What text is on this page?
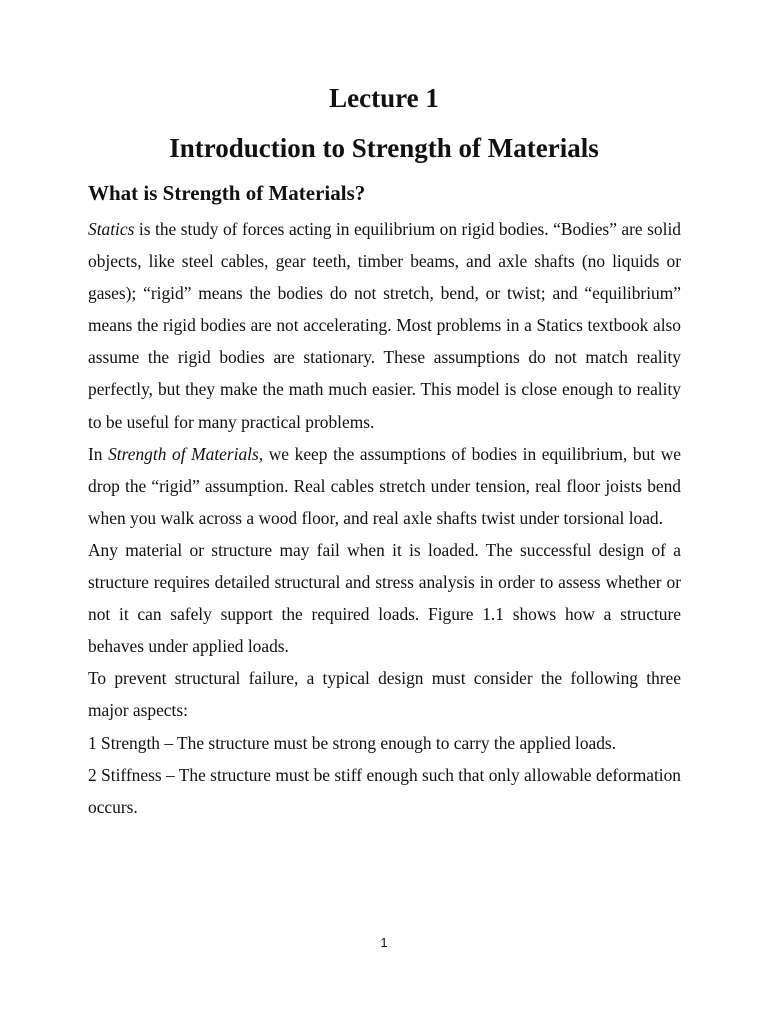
Lecture 1
Introduction to Strength of Materials
What is Strength of Materials?

Statics is the study of forces acting in equilibrium on rigid bodies. “Bodies” are solid objects, like steel cables, gear teeth, timber beams, and axle shafts (no liquids or gases); “rigid” means the bodies do not stretch, bend, or twist; and “equilibrium” means the rigid bodies are not accelerating. Most problems in a Statics textbook also assume the rigid bodies are stationary. These assumptions do not match reality perfectly, but they make the math much easier. This model is close enough to reality to be useful for many practical problems.

In Strength of Materials, we keep the assumptions of bodies in equilibrium, but we drop the “rigid” assumption. Real cables stretch under tension, real floor joists bend when you walk across a wood floor, and real axle shafts twist under torsional load.

Any material or structure may fail when it is loaded. The successful design of a structure requires detailed structural and stress analysis in order to assess whether or not it can safely support the required loads. Figure 1.1 shows how a structure behaves under applied loads.

To prevent structural failure, a typical design must consider the following three major aspects:

1 Strength – The structure must be strong enough to carry the applied loads.

2 Stiffness – The structure must be stiff enough such that only allowable deformation occurs.

1
